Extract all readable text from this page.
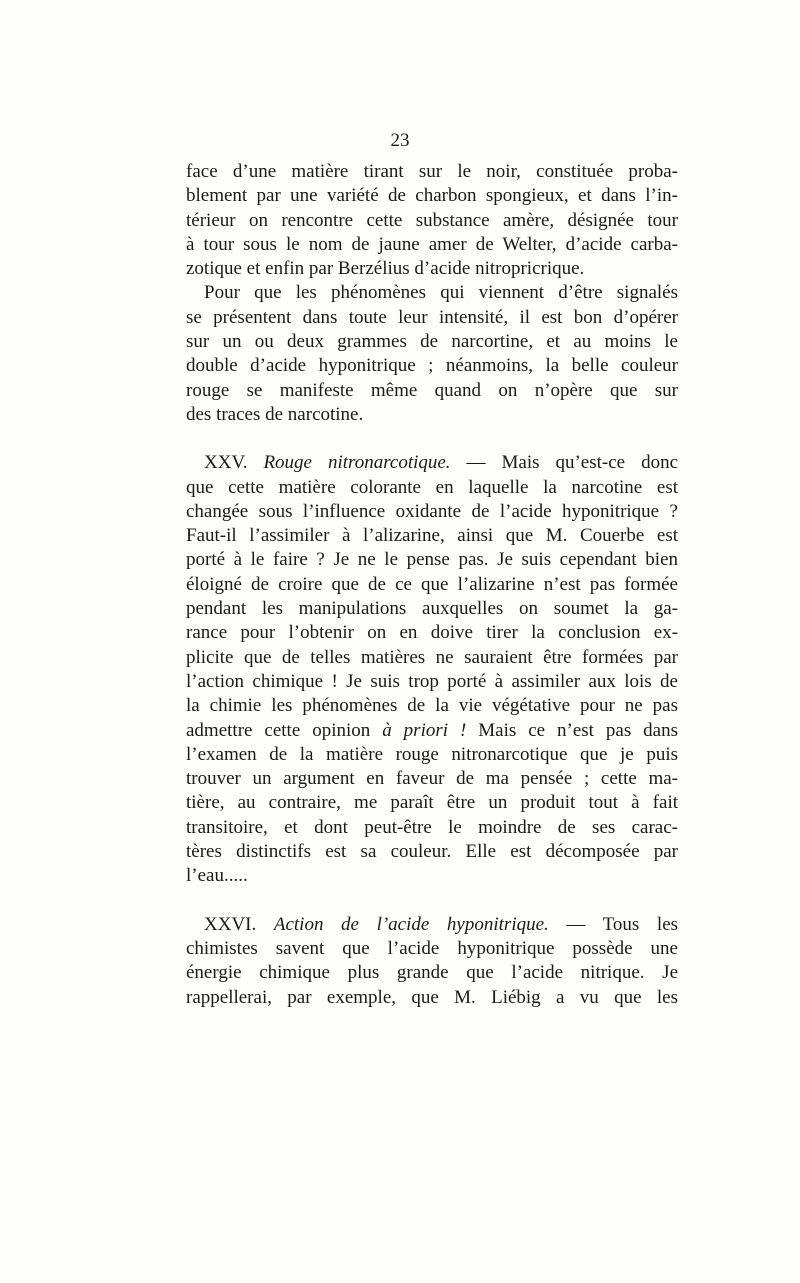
23
face d’une matière tirant sur le noir, constituée proba-
blement par une variété de charbon spongieux, et dans l’in-
térieur on rencontre cette substance amère, désignée tour
à tour sous le nom de jaune amer de Welter, d’acide carba-
zotique et enfin par Berzélius d’acide nitropricrique.
Pour que les phénomènes qui viennent d’être signalés
se présentent dans toute leur intensité, il est bon d’opérer
sur un ou deux grammes de narcortine, et au moins le
double d’acide hyponitrique ; néanmoins, la belle couleur
rouge se manifeste même quand on n’opère que sur
des traces de narcotine.
XXV. Rouge nitronarcotique. — Mais qu’est-ce donc
que cette matière colorante en laquelle la narcotine est
changée sous l’influence oxidante de l’acide hyponitrique ?
Faut-il l’assimiler à l’alizarine, ainsi que M. Couerbe est
porté à le faire ? Je ne le pense pas. Je suis cependant bien
éloigné de croire que de ce que l’alizarine n’est pas formée
pendant les manipulations auxquelles on soumet la ga-
rance pour l’obtenir on en doive tirer la conclusion ex-
plicite que de telles matières ne sauraient être formées par
l’action chimique ! Je suis trop porté à assimiler aux lois de
la chimie les phénomènes de la vie végétative pour ne pas
admettre cette opinion à priori ! Mais ce n’est pas dans
l’examen de la matière rouge nitronarcotique que je puis
trouver un argument en faveur de ma pensée ; cette ma-
tière, au contraire, me paraît être un produit tout à fait
transitoire, et dont peut-être le moindre de ses carac-
tères distinctifs est sa couleur. Elle est décomposée par
l’eau.....
XXVI. Action de l’acide hyponitrique. — Tous les
chimistes savent que l’acide hyponitrique possède une
énergie chimique plus grande que l’acide nitrique. Je
rappellerai, par exemple, que M. Liébig a vu que les
